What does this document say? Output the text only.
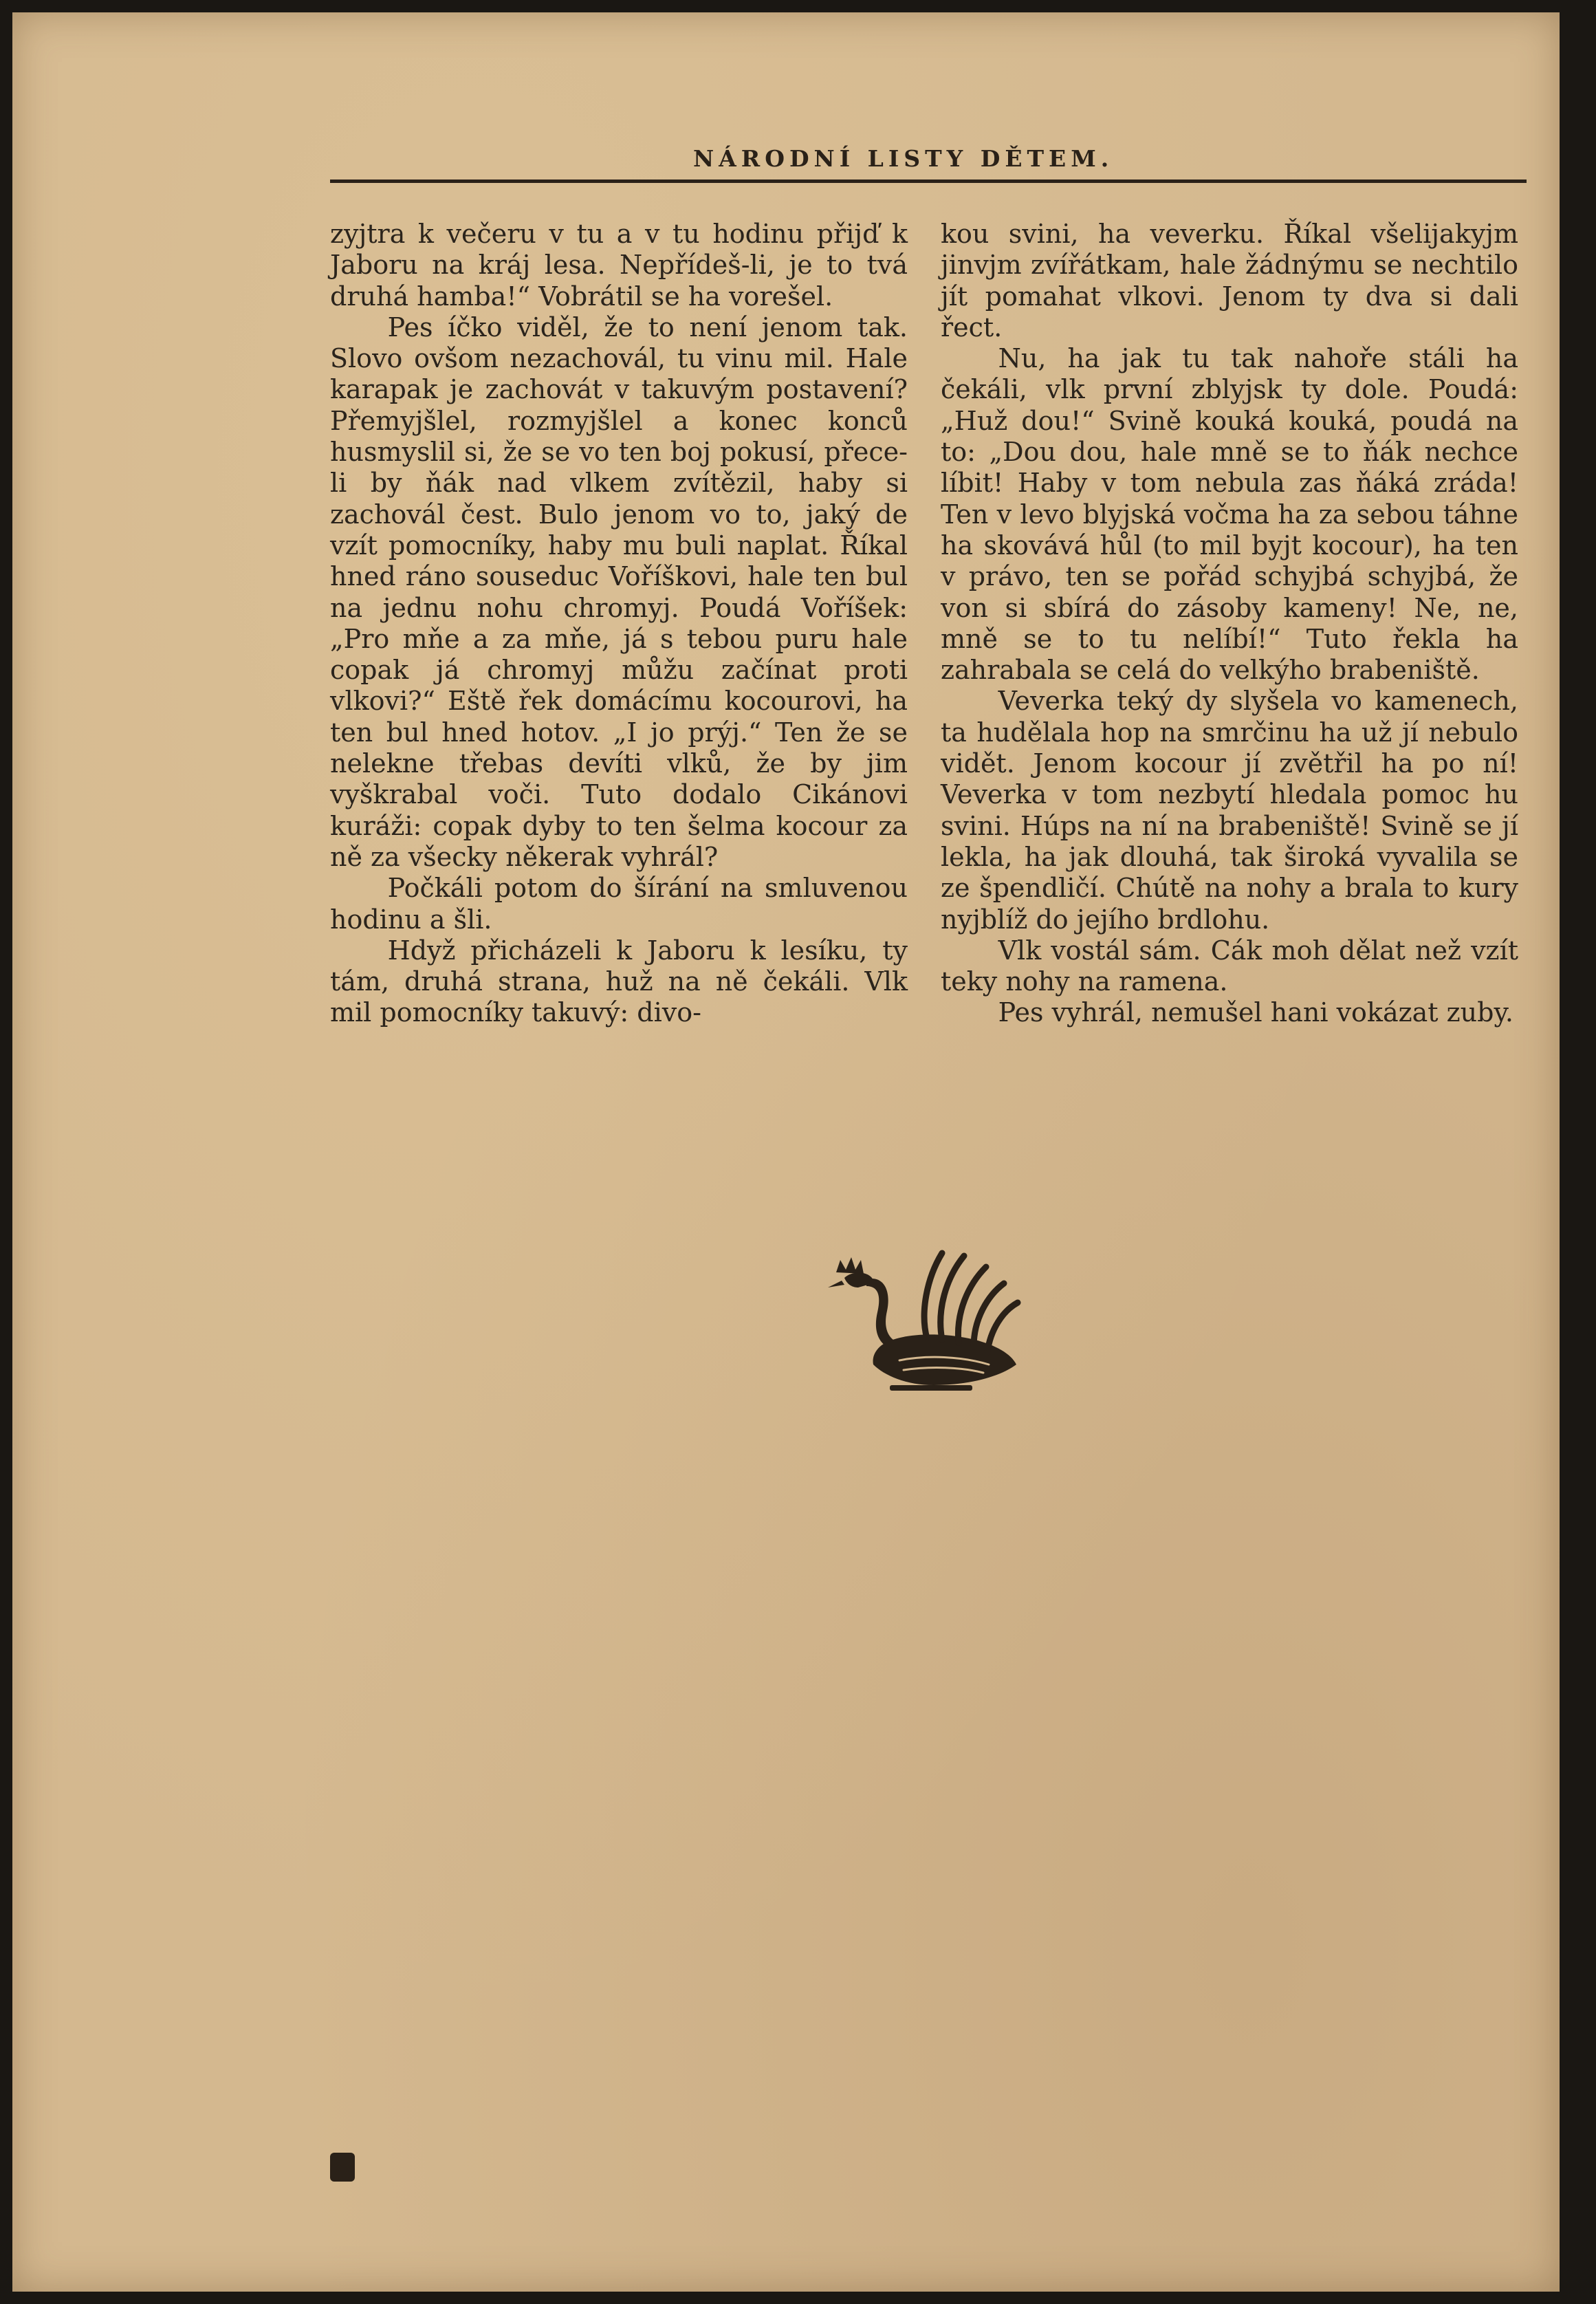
NÁRODNÍ LISTY DĚTEM.

zyjtra k večeru v tu a v tu hodinu přijď k Jaboru na kráj lesa. Nepřídeš-li, je to tvá druhá hamba!“ Vobrátil se ha vorešel.

Pes íčko viděl, že to není jenom tak. Slovo ovšom nezachovál, tu vinu mil. Hale karapak je zachovát v takuvým postavení? Přemyjšlel, rozmyjšlel a konec konců husmyslil si, že se vo ten boj pokusí, přece-li by ňák nad vlkem zvítězil, haby si zachovál čest. Bulo jenom vo to, jaký de vzít pomocníky, haby mu buli naplat. Říkal hned ráno souseduc Voříškovi, hale ten bul na jednu nohu chromyj. Poudá Voříšek: „Pro mňe a za mňe, já s tebou puru hale copak já chromyj můžu začínat proti vlkovi?“ Eště řek domácímu kocourovi, ha ten bul hned hotov. „I jo prýj.“ Ten že se nelekne třebas devíti vlků, že by jim vyškrabal voči. Tuto dodalo Cikánovi kuráži: copak dyby to ten šelma kocour za ně za všecky někerak vyhrál?

Počkáli potom do šírání na smluvenou hodinu a šli.

Hdyž přicházeli k Jaboru k lesíku, ty tám, druhá strana, huž na ně čekáli. Vlk mil pomocníky takuvý: divo-

kou svini, ha veverku. Říkal všelijakyjm jinvjm zvířátkam, hale žádnýmu se nechtilo jít pomahat vlkovi. Jenom ty dva si dali řect.

Nu, ha jak tu tak nahoře stáli ha čekáli, vlk první zblyjsk ty dole. Poudá: „Huž dou!“ Svině kouká kouká, poudá na to: „Dou dou, hale mně se to ňák nechce líbit! Haby v tom nebula zas ňáká zráda! Ten v levo blyjská vočma ha za sebou táhne ha skovává hůl (to mil byjt kocour), ha ten v právo, ten se pořád schyjbá schyjbá, že von si sbírá do zásoby kameny! Ne, ne, mně se to tu nelíbí!“ Tuto řekla ha zahrabala se celá do velkýho brabeniště.

Veverka teký dy slyšela vo kamenech, ta hudělala hop na smrčinu ha už jí nebulo vidět. Jenom kocour jí zvětřil ha po ní! Veverka v tom nezbytí hledala pomoc hu svini. Húps na ní na brabeniště! Svině se jí lekla, ha jak dlouhá, tak široká vyvalila se ze špendličí. Chútě na nohy a brala to kury nyjblíž do jejího brdlohu.

Vlk vostál sám. Cák moh dělat než vzít teky nohy na ramena.

Pes vyhrál, nemušel hani vokázat zuby.
